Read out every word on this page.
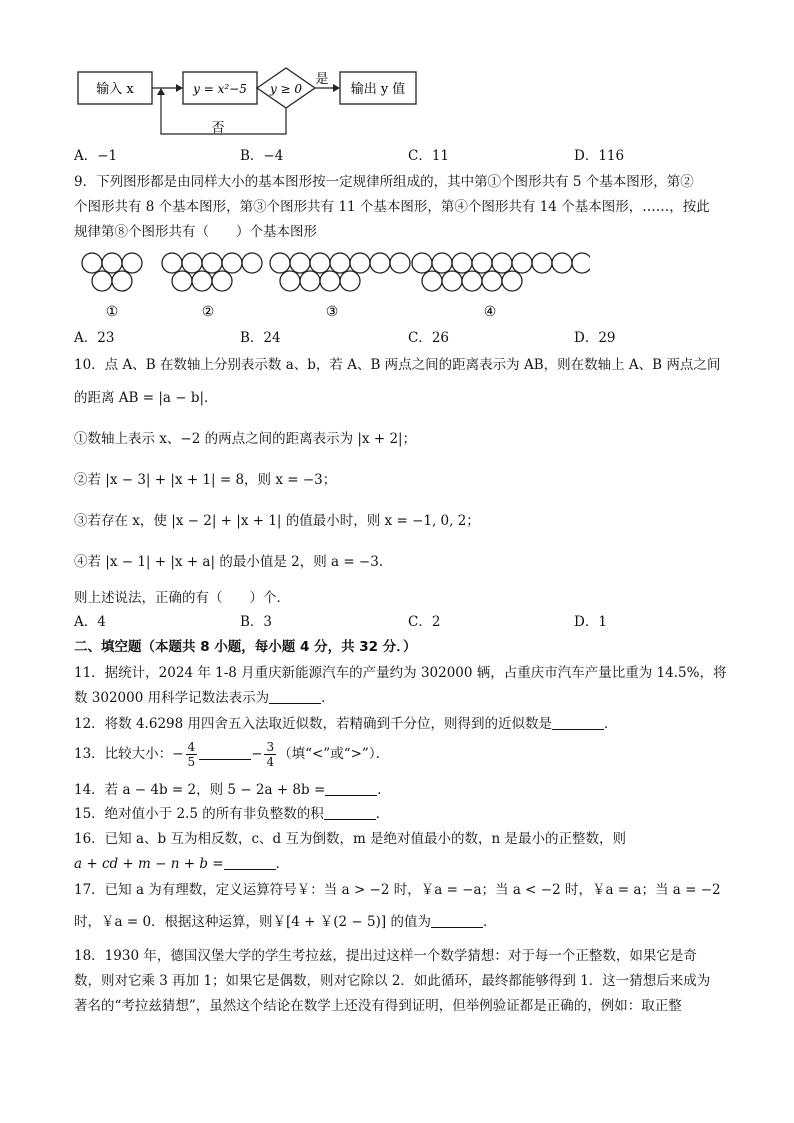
输入 x	y = x²−5 y ≥ 0
是
输出 y 值
否
A．−1	B．−4	C．11	D．116
9．下列图形都是由同样大小的基本图形按一定规律所组成的，其中第①个图形共有 5 个基本图形，第②
个图形共有 8 个基本图形，第③个图形共有 11 个基本图形，第④个图形共有 14 个基本图形，……，按此
规律第⑧个图形共有（　　）个基本图形
①	②	③	④
A．23	B．24	C．26	D．29
10．点 A、B 在数轴上分别表示数 a、b，若 A、B 两点之间的距离表示为 AB，则在数轴上 A、B 两点之间
的距离 AB = |a − b|．
①数轴上表示 x、−2 的两点之间的距离表示为 |x + 2|；
②若 |x − 3| + |x + 1| = 8，则 x = −3；
③若存在 x，使 |x − 2| + |x + 1| 的值最小时，则 x = −1, 0, 2；
④若 |x − 1| + |x + a| 的最小值是 2，则 a = −3．
则上述说法，正确的有（　　）个．
A．4	B．3	C．2	D．1
二、填空题（本题共 8 小题，每小题 4 分，共 32 分．）
11．据统计，2024 年 1-8 月重庆新能源汽车的产量约为 302000 辆，占重庆市汽车产量比重为 14.5%，将
数 302000 用科学记数法表示为	．
12．将数 4.6298 用四舍五入法取近似数，若精确到千分位，则得到的近似数是	．
13．比较大小：− $\frac{4}{5}$	− $\frac{3}{4}$ （填“<”或“>”）．
14．若 a − 4b = 2，则 5 − 2a + 8b =	．
15．绝对值小于 2.5 的所有非负整数的积	．
16．已知 a、b 互为相反数，c、d 互为倒数，m 是绝对值最小的数，n 是最小的正整数，则
a + cd + m − n + b =	．
17．已知 a 为有理数，定义运算符号￥：当 a > −2 时，￥a = −a；当 a < −2 时，￥a = a；当 a = −2
时，￥a = 0．根据这种运算，则￥[4 + ￥(2 − 5)] 的值为	．
18．1930 年，德国汉堡大学的学生考拉兹，提出过这样一个数学猜想：对于每一个正整数，如果它是奇
数，则对它乘 3 再加 1；如果它是偶数，则对它除以 2．如此循环，最终都能够得到 1．这一猜想后来成为
著名的“考拉兹猜想”，虽然这个结论在数学上还没有得到证明，但举例验证都是正确的，例如：取正整
